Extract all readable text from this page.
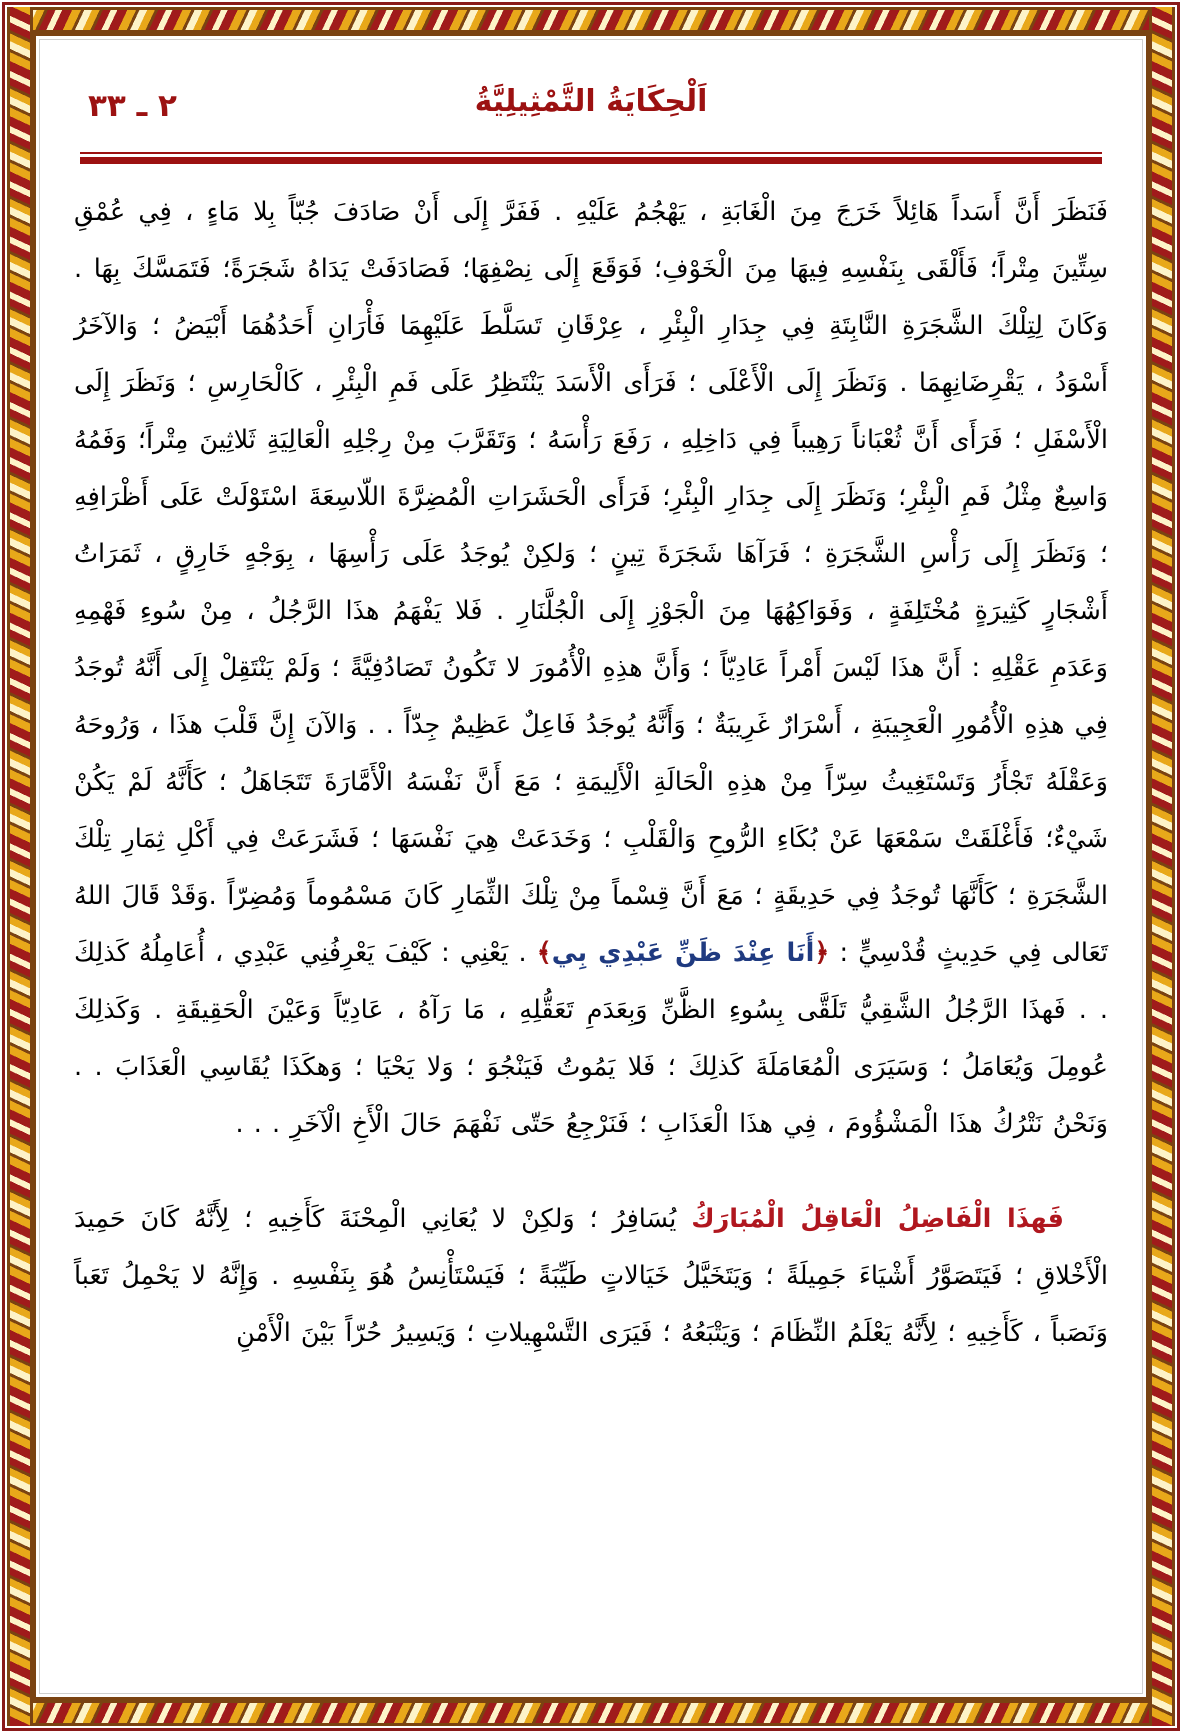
٢ ـ ٣٣	اَلْحِكَايَةُ التَّمْثِيلِيَّةُ

فَنَظَرَ أَنَّ أَسَداً هَائِلاً خَرَجَ مِنَ الْغَابَةِ ، يَهْجُمُ عَلَيْهِ . فَفَرَّ إِلَى أَنْ صَادَفَ جُبّاً بِلا مَاءٍ ، فِي عُمْقِ سِتِّينَ مِتْراً؛ فَأَلْقَى بِنَفْسِهِ فِيهَا مِنَ الْخَوْفِ؛ فَوَقَعَ إِلَى نِصْفِهَا؛ فَصَادَفَتْ يَدَاهُ شَجَرَةً؛ فَتَمَسَّكَ بِهَا . وَكَانَ لِتِلْكَ الشَّجَرَةِ النَّابِتَةِ فِي جِدَارِ الْبِئْرِ ، عِرْقَانِ تَسَلَّطَ عَلَيْهِمَا فَأْرَانِ أَحَدُهُمَا أَبْيَضُ ؛ وَالآخَرُ أَسْوَدُ ، يَقْرِضَانِهِمَا . وَنَظَرَ إِلَى الْأَعْلَى ؛ فَرَأَى الْأَسَدَ يَنْتَظِرُ عَلَى فَمِ الْبِئْرِ ، كَالْحَارِسِ ؛ وَنَظَرَ إِلَى الْأَسْفَلِ ؛ فَرَأَى أَنَّ ثُعْبَاناً رَهِيباً فِي دَاخِلِهِ ، رَفَعَ رَأْسَهُ ؛ وَتَقَرَّبَ مِنْ رِجْلِهِ الْعَالِيَةِ ثَلاثِينَ مِتْراً؛ وَفَمُهُ وَاسِعٌ مِثْلُ فَمِ الْبِئْرِ؛ وَنَظَرَ إِلَى جِدَارِ الْبِئْرِ؛ فَرَأَى الْحَشَرَاتِ الْمُضِرَّةَ اللّاسِعَةَ اسْتَوْلَتْ عَلَى أَظْرَافِهِ ؛ وَنَظَرَ إِلَى رَأْسِ الشَّجَرَةِ ؛ فَرَآهَا شَجَرَةَ تِينٍ ؛ وَلكِنْ يُوجَدُ عَلَى رَأْسِهَا ، بِوَجْهٍ خَارِقٍ ، ثَمَرَاتُ أَشْجَارٍ كَثِيرَةٍ مُخْتَلِفَةٍ ، وَفَوَاكِهُهَا مِنَ الْجَوْزِ إِلَى الْجُلَّنَارِ . فَلا يَفْهَمُ هذَا الرَّجُلُ ، مِنْ سُوءِ فَهْمِهِ وَعَدَمِ عَقْلِهِ : أَنَّ هذَا لَيْسَ أَمْراً عَادِيّاً ؛ وَأَنَّ هذِهِ الْأُمُورَ لا تَكُونُ تَصَادُفِيَّةً ؛ وَلَمْ يَنْتَقِلْ إِلَى أَنَّهُ تُوجَدُ فِي هذِهِ الْأُمُورِ الْعَجِيبَةِ ، أَسْرَارٌ غَرِيبَةٌ ؛ وَأَنَّهُ يُوجَدُ فَاعِلٌ عَظِيمٌ جِدّاً . . وَالآنَ إِنَّ قَلْبَ هذَا ، وَرُوحَهُ وَعَقْلَهُ تَجْأَرُ وَتَسْتَغِيثُ سِرّاً مِنْ هذِهِ الْحَالَةِ الْأَلِيمَةِ ؛ مَعَ أَنَّ نَفْسَهُ الْأَمَّارَةَ تَتَجَاهَلُ ؛ كَأَنَّهُ لَمْ يَكُنْ شَيْءٌ؛ فَأَغْلَقَتْ سَمْعَهَا عَنْ بُكَاءِ الرُّوحِ وَالْقَلْبِ ؛ وَخَدَعَتْ هِيَ نَفْسَهَا ؛ فَشَرَعَتْ فِي أَكْلِ ثِمَارِ تِلْكَ الشَّجَرَةِ ؛ كَأَنَّهَا تُوجَدُ فِي حَدِيقَةٍ ؛ مَعَ أَنَّ قِسْماً مِنْ تِلْكَ الثِّمَارِ كَانَ مَسْمُوماً وَمُضِرّاً .وَقَدْ قَالَ اللهُ تَعَالى فِي حَدِيثٍ قُدْسِيٍّ : ﴿أَنَا عِنْدَ ظَنِّ عَبْدِي بِي﴾ . يَعْنِي : كَيْفَ يَعْرِفُنِي عَبْدِي ، أُعَامِلُهُ كَذلِكَ . . فَهذَا الرَّجُلُ الشَّقِيُّ تَلَقَّى بِسُوءِ الظَّنِّ وَبِعَدَمِ تَعَقُّلِهِ ، مَا رَآهُ ، عَادِيّاً وَعَيْنَ الْحَقِيقَةِ . وَكَذلِكَ عُومِلَ وَيُعَامَلُ ؛ وَسَيَرَى الْمُعَامَلَةَ كَذلِكَ ؛ فَلا يَمُوتُ فَيَنْجُوَ ؛ وَلا يَحْيَا ؛ وَهكَذَا يُقَاسِي الْعَذَابَ . . وَنَحْنُ نَتْرُكُ هذَا الْمَشْؤُومَ ، فِي هذَا الْعَذَابِ ؛ فَنَرْجِعُ حَتّى نَفْهَمَ حَالَ الْأَخِ الْآخَرِ . . .

فَهذَا الْفَاضِلُ الْعَاقِلُ الْمُبَارَكُ يُسَافِرُ ؛ وَلكِنْ لا يُعَانِي الْمِحْنَةَ كَأَخِيهِ ؛ لِأَنَّهُ كَانَ حَمِيدَ الْأَخْلاقِ ؛ فَيَتَصَوَّرُ أَشْيَاءَ جَمِيلَةً ؛ وَيَتَخَيَّلُ خَيَالاتٍ طَيِّبَةً ؛ فَيَسْتَأْنِسُ هُوَ بِنَفْسِهِ . وَإِنَّهُ لا يَحْمِلُ تَعَباً وَنَصَباً ، كَأَخِيهِ ؛ لِأَنَّهُ يَعْلَمُ النِّظَامَ ؛ وَيَتْبَعُهُ ؛ فَيَرَى التَّسْهِيلاتِ ؛ وَيَسِيرُ حُرّاً بَيْنَ الْأَمْنِ
